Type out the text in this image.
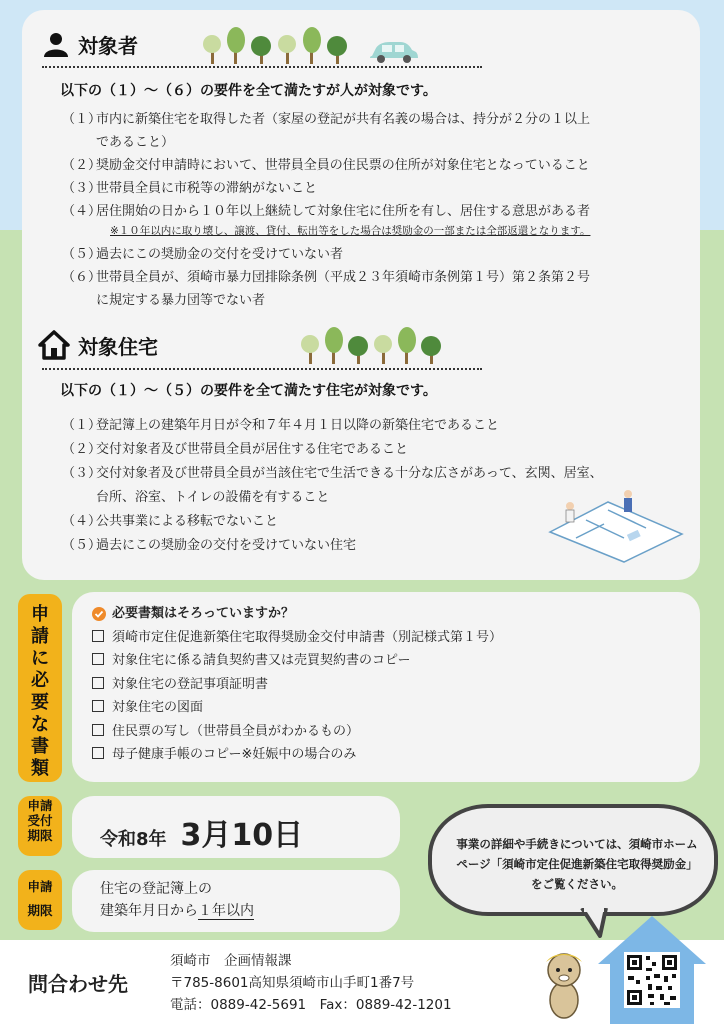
対象者
以下の（１）～（６）の要件を全て満たすが人が対象です。
（１）
市内に新築住宅を取得した者（家屋の登記が共有名義の場合は、持分が２分の１以上
であること）
（２）
奨励金交付申請時において、世帯員全員の住民票の住所が対象住宅となっていること
（３）
世帯員全員に市税等の滞納がないこと
（４）
居住開始の日から１０年以上継続して対象住宅に住所を有し、居住する意思がある者
※１０年以内に取り壊し、譲渡、貸付、転出等をした場合は奨励金の一部または全部返還となります。
（５）
過去にこの奨励金の交付を受けていない者
（６）
世帯員全員が、須崎市暴力団排除条例（平成２３年須崎市条例第１号）第２条第２号
に規定する暴力団等でない者
対象住宅
以下の（１）～（５）の要件を全て満たす住宅が対象です。
（１）
登記簿上の建築年月日が令和７年４月１日以降の新築住宅であること
（２）
交付対象者及び世帯員全員が居住する住宅であること
（３）
交付対象者及び世帯員全員が当該住宅で生活できる十分な広さがあって、玄関、居室、
台所、浴室、トイレの設備を有すること
（４）
公共事業による移転でないこと
（５）
過去にこの奨励金の交付を受けていない住宅
申請に必要な書類
必要書類はそろっていますか？
須崎市定住促進新築住宅取得奨励金交付申請書（別記様式第１号）
対象住宅に係る請負契約書又は売買契約書のコピー
対象住宅の登記事項証明書
対象住宅の図面
住民票の写し（世帯員全員がわかるもの）
母子健康手帳のコピー※妊娠中の場合のみ
申請受付期限	令和8年 3月10日
申請期限
住宅の登記簿上の
建築年月日から１年以内
事業の詳細や手続きについては、須崎市ホームページ「須崎市定住促進新築住宅取得奨励金」をご覧ください。
問合わせ先
須崎市　企画情報課
〒785-8601高知県須崎市山手町1番7号
電話：0889-42-5691　Fax：0889-42-1201
